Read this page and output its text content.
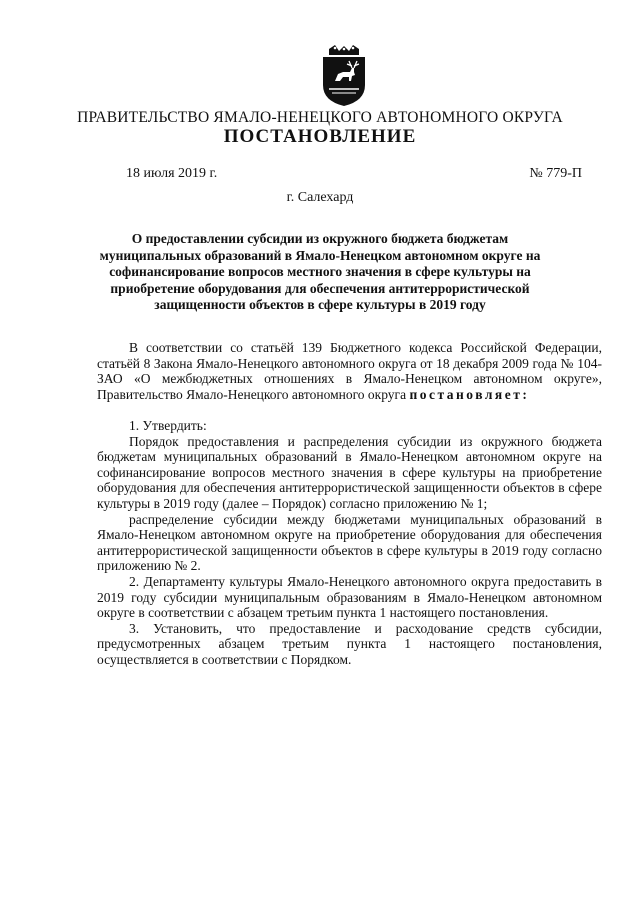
ПРАВИТЕЛЬСТВО ЯМАЛО-НЕНЕЦКОГО АВТОНОМНОГО ОКРУГА
ПОСТАНОВЛЕНИЕ
18 июля 2019 г.	№ 779-П
г. Салехард
О предоставлении субсидии из окружного бюджета бюджетам муниципальных образований в Ямало-Ненецком автономном округе на софинансирование вопросов местного значения в сфере культуры на приобретение оборудования для обеспечения антитеррористической защищенности объектов в сфере культуры в 2019 году

В соответствии со статьёй 139 Бюджетного кодекса Российской Федерации, статьёй 8 Закона Ямало-Ненецкого автономного округа от 18 декабря 2009 года № 104-ЗАО «О межбюджетных отношениях в Ямало-Ненецком автономном округе», Правительство Ямало-Ненецкого автономного округа постановляет:

1. Утвердить:

Порядок предоставления и распределения субсидии из окружного бюджета бюджетам муниципальных образований в Ямало-Ненецком автономном округе на софинансирование вопросов местного значения в сфере культуры на приобретение оборудования для обеспечения антитеррористической защищенности объектов в сфере культуры в 2019 году (далее – Порядок) согласно приложению № 1;

распределение субсидии между бюджетами муниципальных образований в Ямало-Ненецком автономном округе на приобретение оборудования для обеспечения антитеррористической защищенности объектов в сфере культуры в 2019 году согласно приложению № 2.

2. Департаменту культуры Ямало-Ненецкого автономного округа предоставить в 2019 году субсидии муниципальным образованиям в Ямало-Ненецком автономном округе в соответствии с абзацем третьим пункта 1 настоящего постановления.

3. Установить, что предоставление и расходование средств субсидии, предусмотренных абзацем третьим пункта 1 настоящего постановления, осуществляется в соответствии с Порядком.
